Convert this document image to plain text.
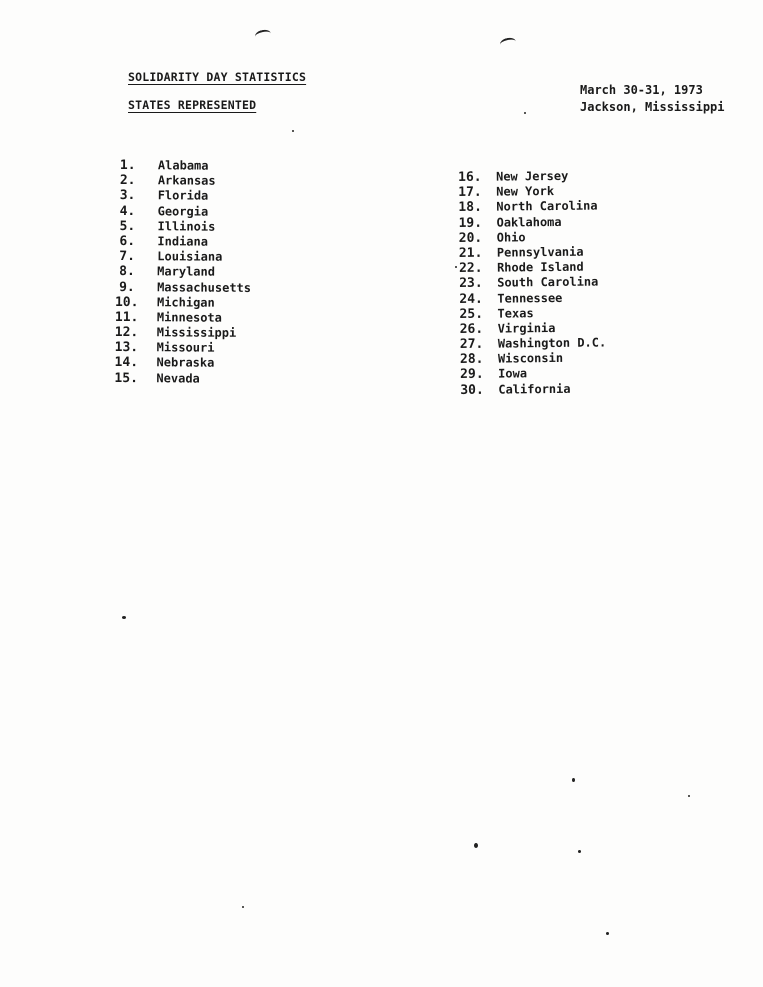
SOLIDARITY DAY STATISTICS
STATES REPRESENTED
March 30-31, 1973
Jackson, Mississippi
1. Alabama
2. Arkansas
3. Florida
4. Georgia
5. Illinois
6. Indiana
7. Louisiana
8. Maryland
9. Massachusetts
10. Michigan
11. Minnesota
12. Mississippi
13. Missouri
14. Nebraska
15. Nevada
16. New Jersey
17. New York
18. North Carolina
19. Oaklahoma
20. Ohio
21. Pennsylvania
22. Rhode Island
23. South Carolina
24. Tennessee
25. Texas
26. Virginia
27. Washington D.C.
28. Wisconsin
29. Iowa
30. California
